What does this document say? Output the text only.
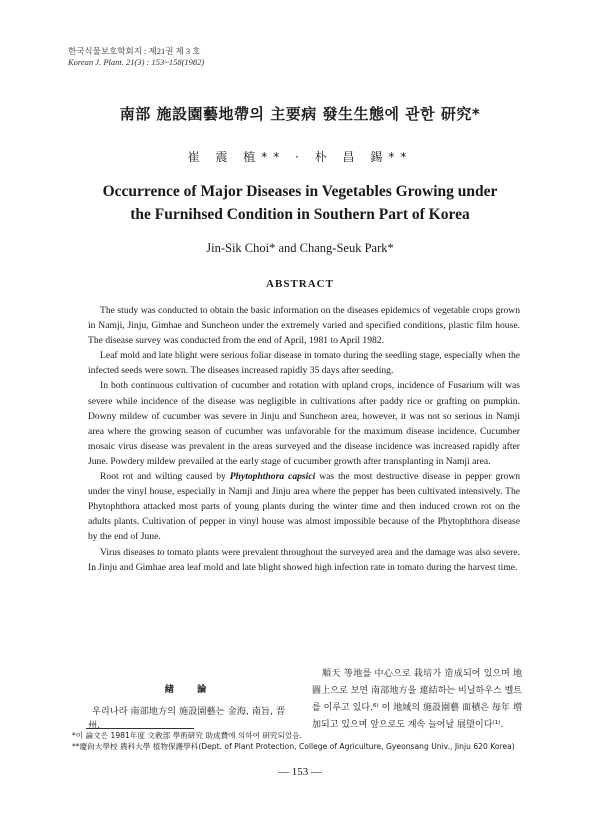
한국식물보호학회지 : 제21권 제 3 호
Korean J. Plant. 21(3) : 153~158(1982)
南部 施設園藝地帶의 主要病 發生生態에 관한 研究*
崔 震 植** · 朴 昌 錫**
Occurrence of Major Diseases in Vegetables Growing under
the Furnihsed Condition in Southern Part of Korea
Jin-Sik Choi* and Chang-Seuk Park*
ABSTRACT

The study was conducted to obtain the basic information on the diseases epidemics of vegetable crops grown in Namji, Jinju, Gimhae and Suncheon under the extremely varied and specified conditions, plastic film house. The disease survey was conducted from the end of April, 1981 to April 1982.

Leaf mold and late blight were serious foliar disease in tomato during the seedling stage, especially when the infected seeds were sown. The diseases increased rapidly 35 days after seeding.

In both continuous cultivation of cucumber and rotation with upland crops, incidence of Fusarium wilt was severe while incidence of the disease was negligible in cultivations after paddy rice or grafting on pumpkin. Downy mildew of cucumber was severe in Jinju and Suncheon area, however, it was not so serious in Namji area where the growing season of cucumber was unfavorable for the maximum disease incidence. Cucumber mosaic virus disease was prevalent in the areas surveyed and the disease incidence was increased rapidly after June. Powdery mildew prevailed at the early stage of cucumber growth after transplanting in Namji area.

Root rot and wilting caused by Phytophthora capsici was the most destructive disease in pepper grown under the vinyl house, especially in Namji and Jinju area where the pepper has been cultivated intensively. The Phytophthora attacked most parts of young plants during the winter time and then induced crown rot on the adults plants. Cultivation of pepper in vinyl house was almost impossible because of the Phytophthora disease by the end of June.

Virus diseases to tomato plants were prevalent throughout the surveyed area and the damage was also severe. In Jinju and Gimhae area leaf mold and late blight showed high infection rate in tomato during the harvest time.

緖 論

우리나라 南部地方의 施設園藝는 金海, 南旨, 晋州,

順天 等地를 中心으로 栽培가 造成되어 있으며 地圖上으로 보면 南部地方을 連結하는 비닐하우스 벨트를 이루고 있다.⁶⁾ 이 地域의 施設園藝 面積은 毎年 増加되고 있으며 앞으로도 계속 늘어날 展望이다⁽¹⁾.

*이 論文은 1981年度 文敎部 學術研究 助成費에 의하여 研究되었음.
**慶尙大學校 農科大學 植物保護學科(Dept. of Plant Protection, College of Agriculture, Gyeonsang Univ., Jinju 620 Korea)
— 153 —
